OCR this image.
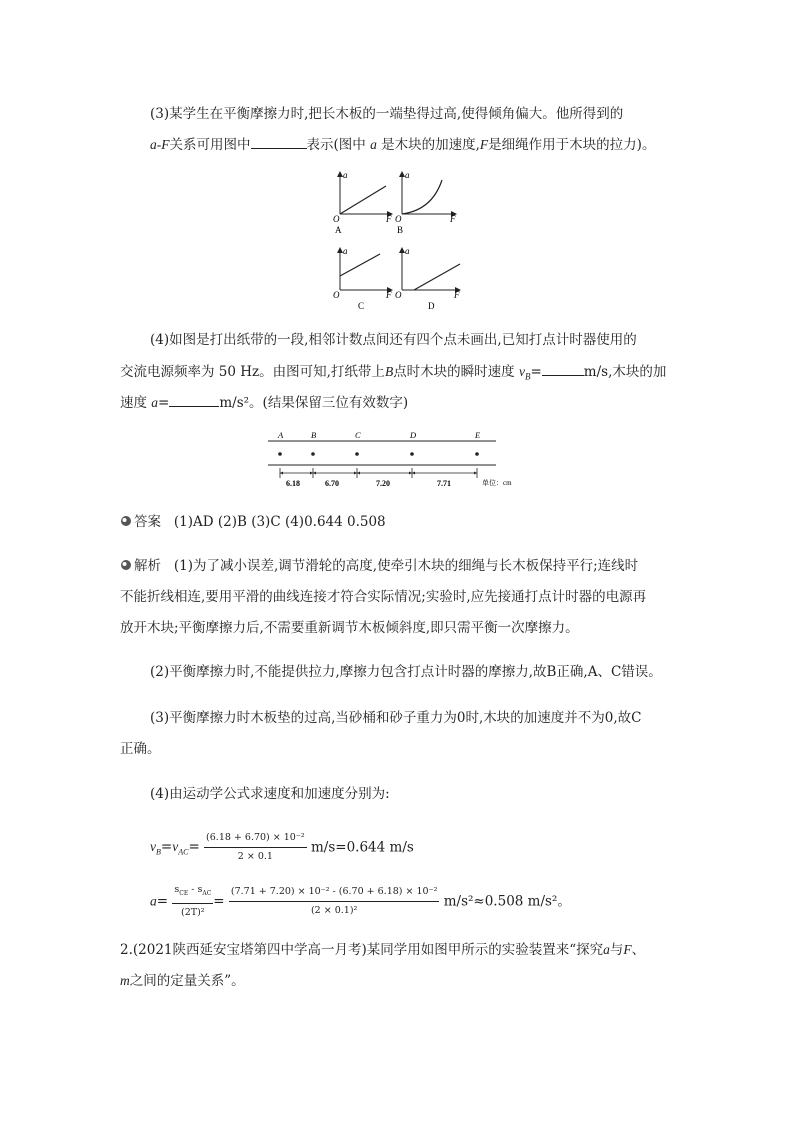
(3)某学生在平衡摩擦力时,把长木板的一端垫得过高,使得倾角偏大。他所得到的
a-F关系可用图中	表示(图中 a 是木块的加速度,F是细绳作用于木块的拉力)。
a
O	F
A
a
O	F
B
a
O	F
C
a
O	F
D
(4)如图是打出纸带的一段,相邻计数点间还有四个点未画出,已知打点计时器使用的
交流电源频率为 50 Hz。由图可知,打纸带上B点时木块的瞬时速度 $v_B=$	m/s,木块的加
速度 a=	m/s²。(结果保留三位有效数字)
A	B	C	D	E
6.18	6.70	7.20	7.71	单位：cm
答案 (1)AD (2)B (3)C (4)0.644 0.508
解析 (1)为了减小误差,调节滑轮的高度,使牵引木块的细绳与长木板保持平行;连线时
不能折线相连,要用平滑的曲线连接才符合实际情况;实验时,应先接通打点计时器的电源再
放开木块;平衡摩擦力后,不需要重新调节木板倾斜度,即只需平衡一次摩擦力。
(2)平衡摩擦力时,不能提供拉力,摩擦力包含打点计时器的摩擦力,故B正确,A、C错误。
(3)平衡摩擦力时木板垫的过高,当砂桶和砂子重力为0时,木块的加速度并不为0,故C
正确。
(4)由运动学公式求速度和加速度分别为:
$v_B=v_{AC}= \frac{\text{(6.18 + 6.70) × 10⁻²}}{2 \times 0.1} m/s=0.644$ m/s
$a= \frac{s_{CE} - s_{AC}}{\text{(2T)²}} = \frac{\text{(7.71 + 7.20) × 10⁻² - (6.70 + 6.18) × 10⁻²}}{\text{(2 × 0.1)²}} m/s^2\approx 0.508$ m/s²。
2.(2021陕西延安宝塔第四中学高一月考)某同学用如图甲所示的实验装置来“探究a与F、
m之间的定量关系”。
